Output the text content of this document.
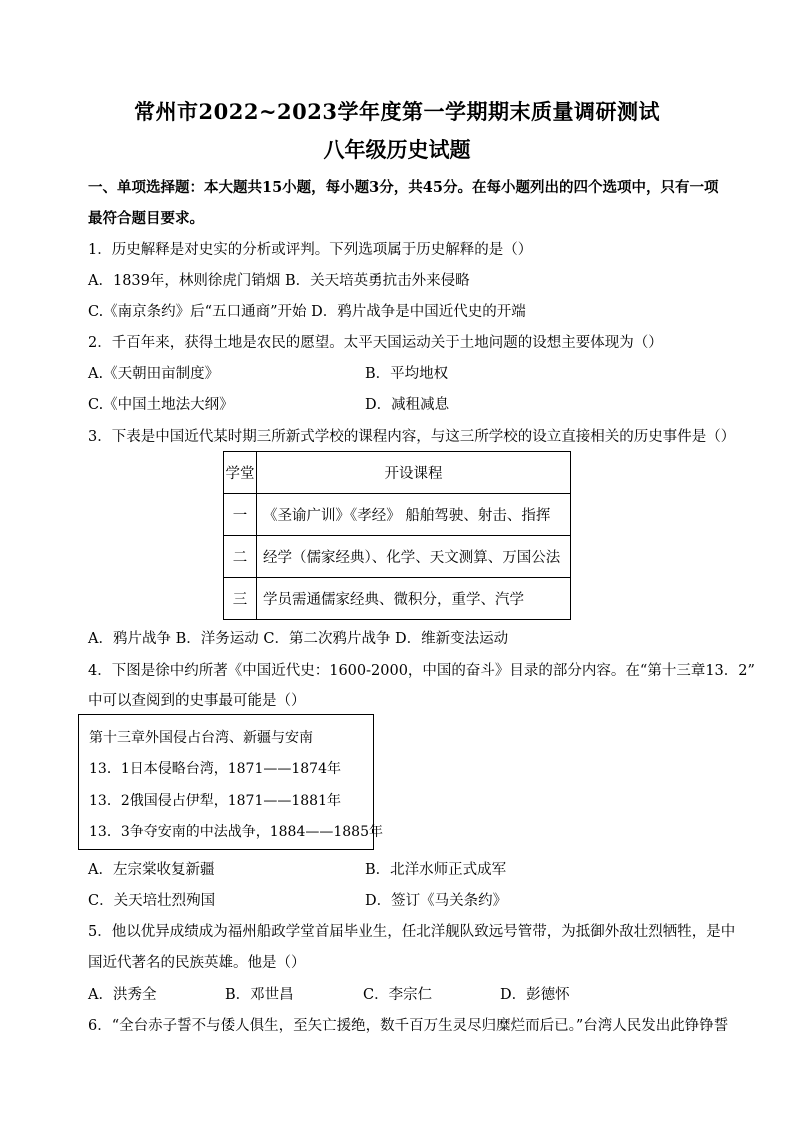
常州市2022~2023学年度第一学期期末质量调研测试
八年级历史试题
一、单项选择题：本大题共15小题，每小题3分，共45分。在每小题列出的四个选项中，只有一项
最符合题目要求。
1．历史解释是对史实的分析或评判。下列选项属于历史解释的是（）
A．1839年，林则徐虎门销烟 B．关天培英勇抗击外来侵略
C.《南京条约》后“五口通商”开始 D．鸦片战争是中国近代史的开端
2．千百年来，获得土地是农民的愿望。太平天国运动关于土地问题的设想主要体现为（）
A.《天朝田亩制度》	B．平均地权
C.《中国土地法大纲》	D．减租减息
3．下表是中国近代某时期三所新式学校的课程内容，与这三所学校的设立直接相关的历史事件是（）
学堂	开设课程
一	《圣谕广训》《孝经》 船舶驾驶、射击、指挥
二	经学（儒家经典）、化学、天文测算、万国公法
三	学员需通儒家经典、微积分，重学、汽学
A．鸦片战争 B．洋务运动 C．第二次鸦片战争 D．维新变法运动
4．下图是徐中约所著《中国近代史：1600-2000，中国的奋斗》目录的部分内容。在“第十三章13．2”
中可以查阅到的史事最可能是（）
第十三章外国侵占台湾、新疆与安南
13．1日本侵略台湾，1871——1874年
13．2俄国侵占伊犁，1871——1881年
13．3争夺安南的中法战争，1884——1885年
A．左宗棠收复新疆	B．北洋水师正式成军
C．关天培壮烈殉国	D．签订《马关条约》
5．他以优异成绩成为福州船政学堂首届毕业生，任北洋舰队致远号管带，为抵御外敌壮烈牺牲，是中
国近代著名的民族英雄。他是（）
A．洪秀全	B．邓世昌	C．李宗仁	D．彭德怀
6．“全台赤子誓不与倭人俱生，至矢亡援绝，数千百万生灵尽归糜烂而后已。”台湾人民发出此铮铮誓
